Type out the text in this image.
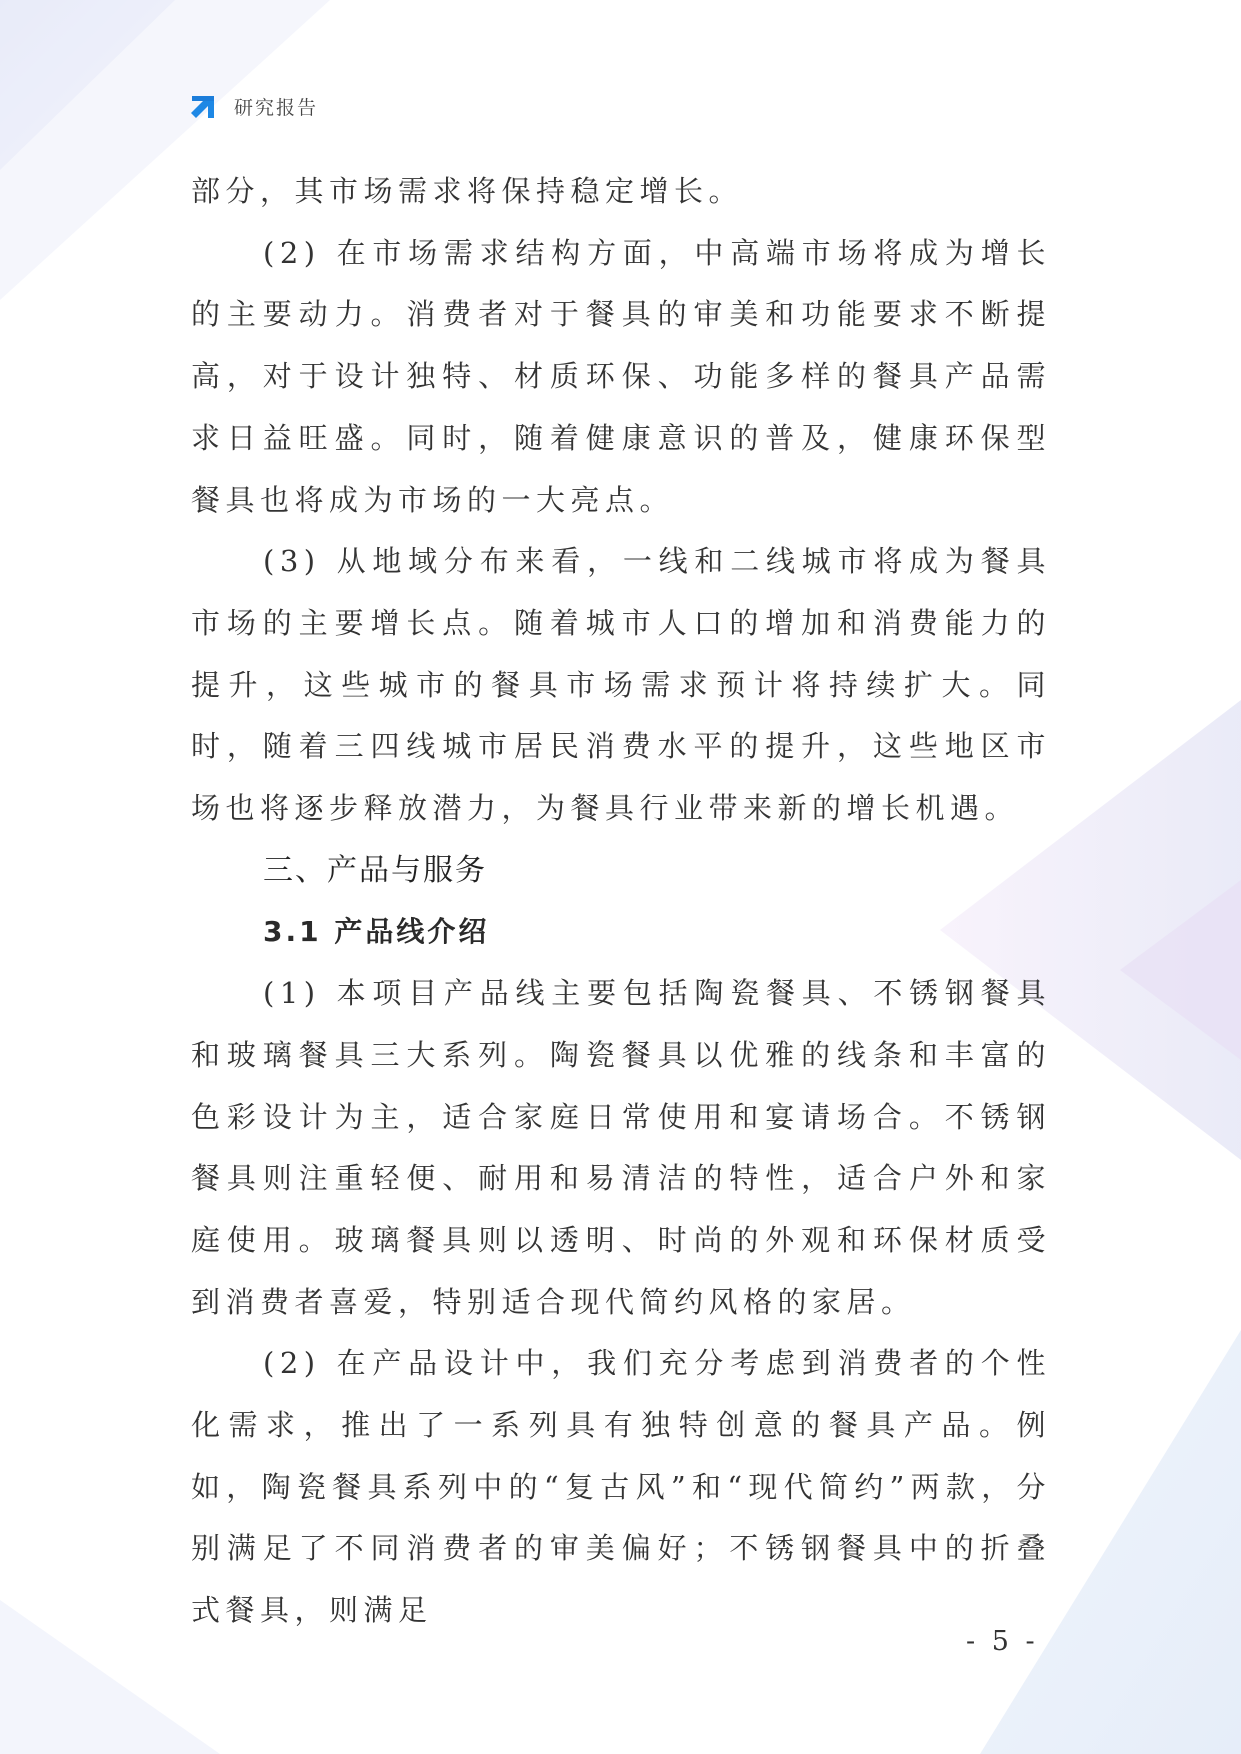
研究报告

部分，其市场需求将保持稳定增长。

(2) 在市场需求结构方面，中高端市场将成为增长的主要动力。消费者对于餐具的审美和功能要求不断提高，对于设计独特、材质环保、功能多样的餐具产品需求日益旺盛。同时，随着健康意识的普及，健康环保型餐具也将成为市场的一大亮点。

(3) 从地域分布来看，一线和二线城市将成为餐具市场的主要增长点。随着城市人口的增加和消费能力的提升，这些城市的餐具市场需求预计将持续扩大。同时，随着三四线城市居民消费水平的提升，这些地区市场也将逐步释放潜力，为餐具行业带来新的增长机遇。

三、产品与服务
3.1 产品线介绍

(1) 本项目产品线主要包括陶瓷餐具、不锈钢餐具和玻璃餐具三大系列。陶瓷餐具以优雅的线条和丰富的色彩设计为主，适合家庭日常使用和宴请场合。不锈钢餐具则注重轻便、耐用和易清洁的特性，适合户外和家庭使用。玻璃餐具则以透明、时尚的外观和环保材质受到消费者喜爱，特别适合现代简约风格的家居。

(2) 在产品设计中，我们充分考虑到消费者的个性化需求，推出了一系列具有独特创意的餐具产品。例如，陶瓷餐具系列中的“复古风”和“现代简约”两款，分别满足了不同消费者的审美偏好；不锈钢餐具中的折叠式餐具，则满足

- 5 -
